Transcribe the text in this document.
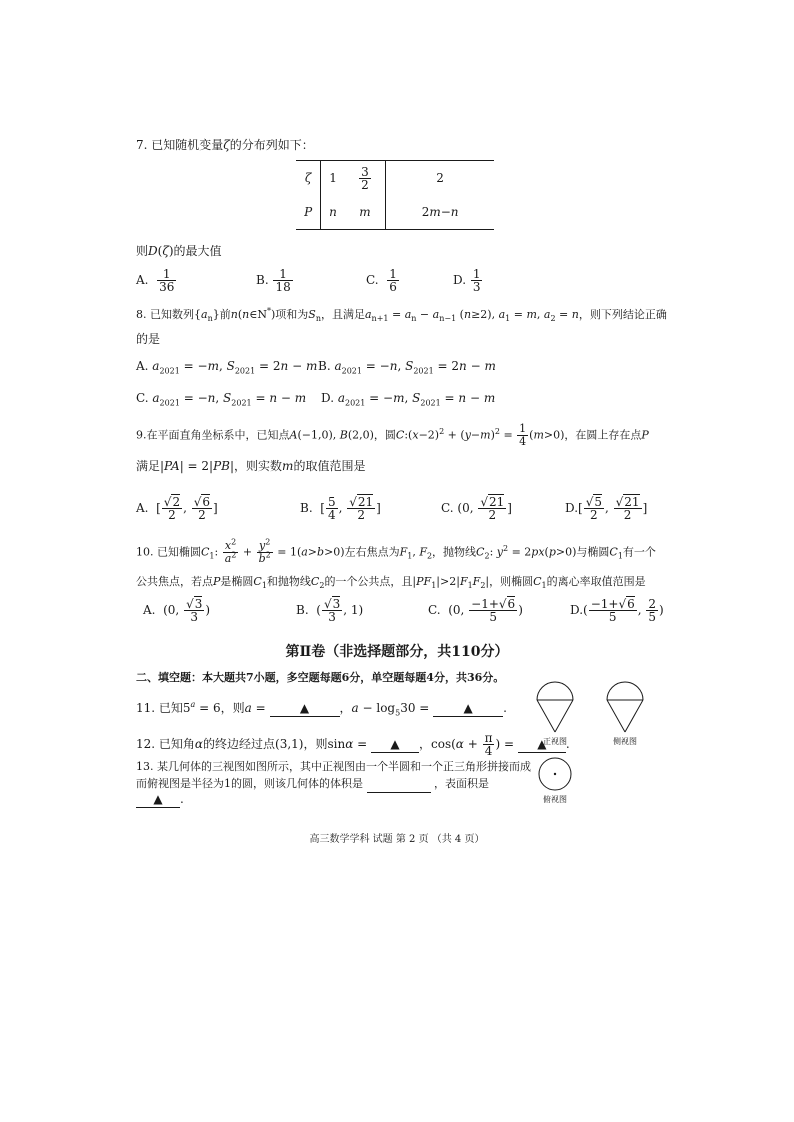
7. 已知随机变量ζ的分布列如下：
ζ	1	$\frac{3}{2}$	2
P	n	m	2m−n
则D(ζ)的最大值
A. $\frac{1}{36}$	B. $\frac{1}{18}$	C. $\frac{1}{6}$	D. $\frac{1}{3}$
8. 已知数列$\{a_n\}$前n(n∈N*)项和为$S_n$，且满足$a_{n+1} = a_n - a_{n-1}$ (n≥2), $a_1 = m$, $a_2 = n$，则下列结论正确
的是
A. $a_{2021} = -m$, $S_{2021} = 2n - m$ B. $a_{2021} = -n$, $S_{2021} = 2n - m$
C. $a_{2021} = -n$, $S_{2021} = n - m$ D. $a_{2021} = -m$, $S_{2021} = n - m$
9.在平面直角坐标系中，已知点A(−1,0), B(2,0)，圆$C:(x-2)^2 + (y-m)^2 = \frac{1}{4} (m>0)$，在圆上存在点P
满足|PA| = 2|PB|，则实数m的取值范围是
A.  [ $\frac{√2}{2}$ , $\frac{√6}{2}$ ]	B.  [ $\frac{5}{4}$ , $\frac{√21}{2}$ ]	C. (0, $\frac{√21}{2}$ ]	$D.[ \frac{√5}{2}$ , $\frac{√21}{2}$ ]
10. 已知椭圆$C_1$: $\frac{x^2}{a^2} + \frac{y^2}{b^2} = 1(a>b>0)$左右焦点为$F_1$, $F_2$，抛物线$C_2$: $y^2 = 2px(p>0)$与椭圆$C_1$有一个
公共焦点，若点P是椭圆$C_1$和抛物线$C_2$的一个公共点，且$|PF_1|>2|F_1F_2|$，则椭圆$C_1$的离心率取值范围是
A.  (0, $\frac{√3}{3}$ )	B.  ( $\frac{√3}{3}$ , 1)	C.  (0, $\frac{-1+√6}{5}$ )	$D.( \frac{-1+√6}{5}$ , $\frac{2}{5}$ )
第Ⅱ卷（非选择题部分，共110分）
二、填空题：本大题共7小题，多空题每题6分，单空题每题4分，共36分。
11. 已知$5^a = 6$，则a =	▲	，$a - \log_530$ =	▲	.
12. 已知角α的终边经过点(3,1)，则sinα = ▲ ，$\cos(\alpha + \frac{\pi}{4}$ ) = ▲ .
13. 某几何体的三视图如图所示，其中正视图由一个半圆和一个正三角形拼接而成
而俯视图是半径为1的圆，则该几何体的体积是	，表面积是
▲ .
正视图	侧视图
俯视图
高三数学学科 试题 第 2 页 （共 4 页）
